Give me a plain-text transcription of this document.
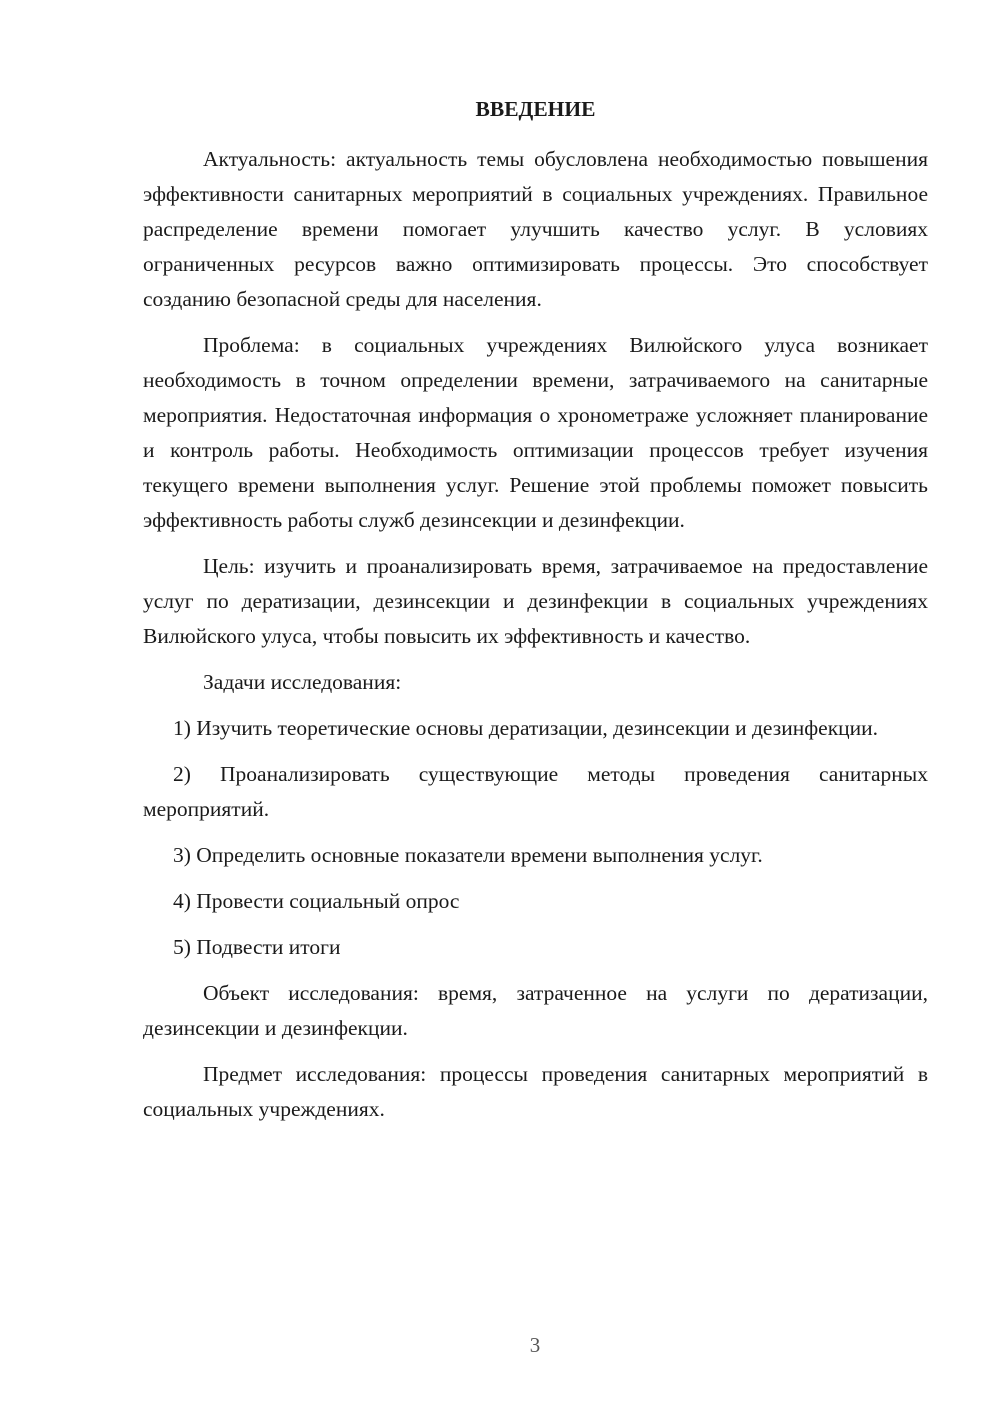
ВВЕДЕНИЕ

Актуальность: актуальность темы обусловлена необходимостью повышения эффективности санитарных мероприятий в социальных учреждениях. Правильное распределение времени помогает улучшить качество услуг. В условиях ограниченных ресурсов важно оптимизировать процессы. Это способствует созданию безопасной среды для населения.

Проблема: в социальных учреждениях Вилюйского улуса возникает необходимость в точном определении времени, затрачиваемого на санитарные мероприятия. Недостаточная информация о хронометраже усложняет планирование и контроль работы. Необходимость оптимизации процессов требует изучения текущего времени выполнения услуг. Решение этой проблемы поможет повысить эффективность работы служб дезинсекции и дезинфекции.

Цель: изучить и проанализировать время, затрачиваемое на предоставление услуг по дератизации, дезинсекции и дезинфекции в социальных учреждениях Вилюйского улуса, чтобы повысить их эффективность и качество.

Задачи исследования:

1) Изучить теоретические основы дератизации, дезинсекции и дезинфекции.

2) Проанализировать существующие методы проведения санитарных мероприятий.

3) Определить основные показатели времени выполнения услуг.

4) Провести социальный опрос

5) Подвести итоги

Объект исследования: время, затраченное на услуги по дератизации, дезинсекции и дезинфекции.

Предмет исследования: процессы проведения санитарных мероприятий в социальных учреждениях.

3
